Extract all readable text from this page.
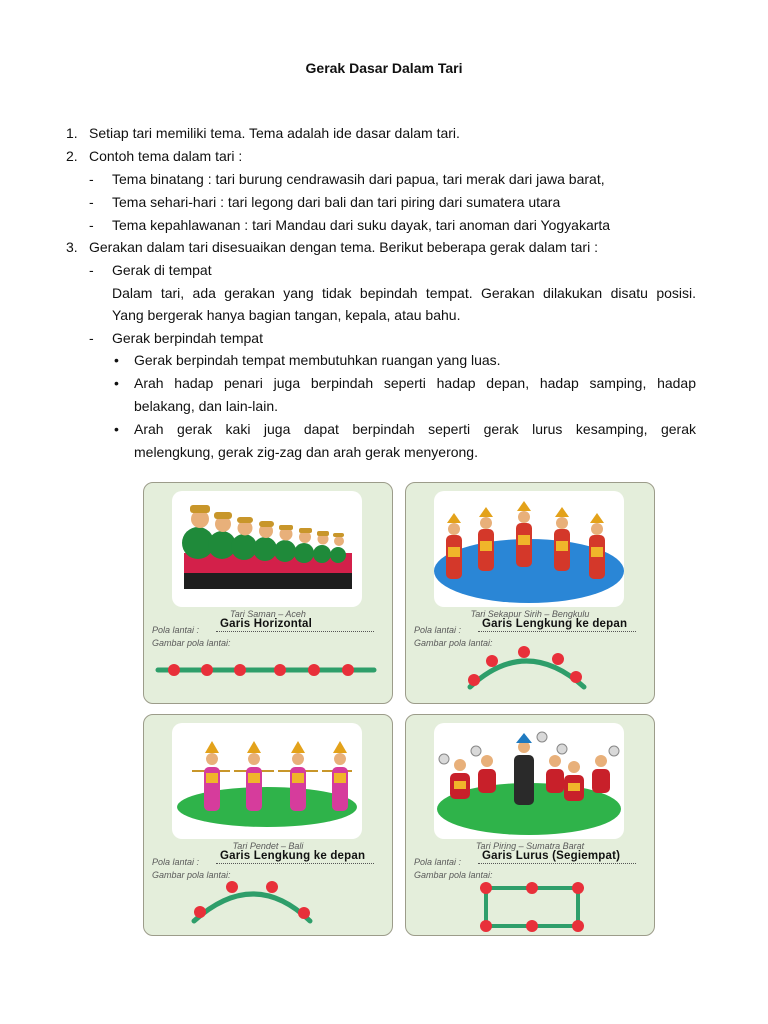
Gerak Dasar Dalam Tari
1. Setiap tari memiliki tema. Tema adalah ide dasar dalam tari.
2. Contoh tema dalam tari :
- Tema binatang : tari burung cendrawasih dari papua, tari merak dari jawa barat,
- Tema sehari-hari : tari legong dari bali dan tari piring dari sumatera utara
- Tema kepahlawanan : tari Mandau dari suku dayak, tari anoman dari Yogyakarta
3. Gerakan dalam tari disesuaikan dengan tema. Berikut beberapa gerak dalam tari :
- Gerak di tempat
Dalam tari, ada gerakan yang tidak bepindah tempat. Gerakan dilakukan disatu posisi.
Yang bergerak hanya bagian tangan, kepala, atau bahu.
- Gerak berpindah tempat
• Gerak berpindah tempat membutuhkan ruangan yang luas.
• Arah hadap penari juga berpindah seperti hadap depan, hadap samping, hadap
belakang, dan lain-lain.
• Arah gerak kaki juga dapat berpindah seperti gerak lurus kesamping, gerak
melengkung, gerak zig-zag dan arah gerak menyerong.
Tari Saman – Aceh
Pola lantai : Garis Horizontal
Gambar pola lantai:
Tari Sekapur Sirih – Bengkulu
Pola lantai : Garis Lengkung ke depan
Gambar pola lantai:
Tari Pendet – Bali
Pola lantai : Garis Lengkung ke depan
Gambar pola lantai:
Tari Piring – Sumatra Barat
Pola lantai : Garis Lurus (Segiempat)
Gambar pola lantai:
